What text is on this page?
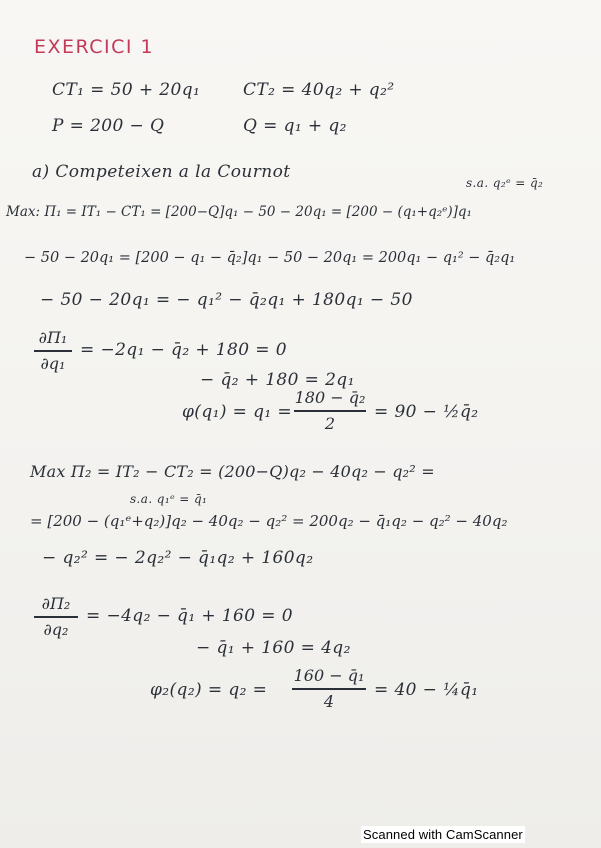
EXERCICI 1
CT₁ = 50 + 20q₁	CT₂ = 40q₂ + q₂²
P = 200 − Q	Q = q₁ + q₂
a) Competeixen a la Cournot
s.a. q₂ᵉ = q̄₂
Max: Π₁ = IT₁ − CT₁ = [200−Q]q₁ − 50 − 20q₁ = [200 − (q₁+q₂ᵉ)]q₁
− 50 − 20q₁ = [200 − q₁ − q̄₂]q₁ − 50 − 20q₁ = 200q₁ − q₁² − q̄₂q₁
− 50 − 20q₁ = − q₁² − q̄₂q₁ + 180q₁ − 50
∂Π₁
∂q₁
= −2q₁ − q̄₂ + 180 = 0
− q̄₂ + 180 = 2q₁
φ(q₁) = q₁ =
180 − q̄₂
2
= 90 − ½q̄₂
Max Π₂ = IT₂ − CT₂ = (200−Q)q₂ − 40q₂ − q₂² =
s.a. q₁ᵉ = q̄₁
= [200 − (q₁ᵉ+q₂)]q₂ − 40q₂ − q₂² = 200q₂ − q̄₁q₂ − q₂² − 40q₂
− q₂² = − 2q₂² − q̄₁q₂ + 160q₂
∂Π₂
∂q₂
= −4q₂ − q̄₁ + 160 = 0
− q̄₁ + 160 = 4q₂
φ₂(q₂) = q₂ =
160 − q̄₁
4
= 40 − ¼q̄₁
Scanned with CamScanner
